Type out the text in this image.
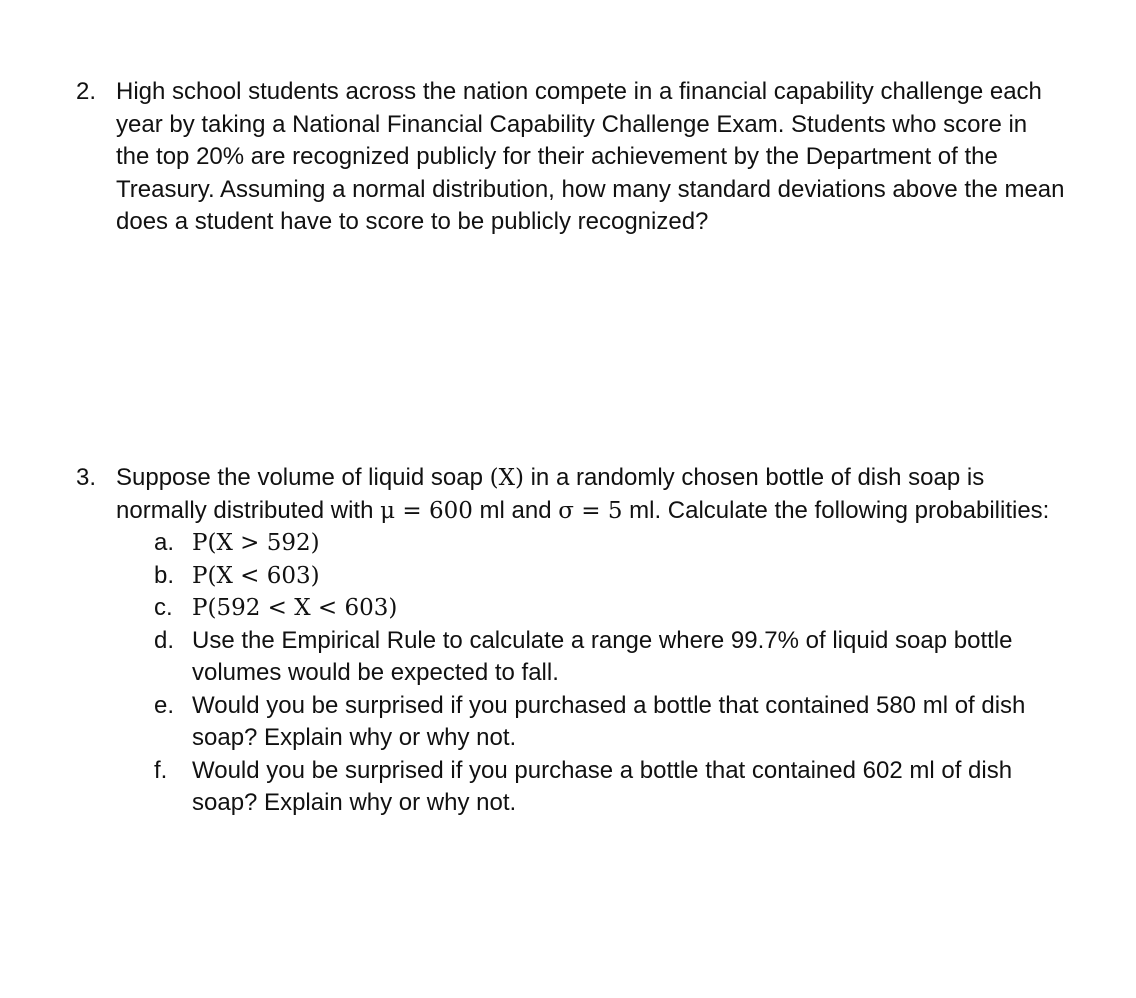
2. High school students across the nation compete in a financial capability challenge each year by taking a National Financial Capability Challenge Exam. Students who score in the top 20% are recognized publicly for their achievement by the Department of the Treasury. Assuming a normal distribution, how many standard deviations above the mean does a student have to score to be publicly recognized?
3. Suppose the volume of liquid soap (X) in a randomly chosen bottle of dish soap is normally distributed with μ = 600 ml and σ = 5 ml. Calculate the following probabilities:
a. P(X > 592)
b. P(X < 603)
c. P(592 < X < 603)
d. Use the Empirical Rule to calculate a range where 99.7% of liquid soap bottle volumes would be expected to fall.
e. Would you be surprised if you purchased a bottle that contained 580 ml of dish soap? Explain why or why not.
f.	Would you be surprised if you purchase a bottle that contained 602 ml of dish soap? Explain why or why not.
